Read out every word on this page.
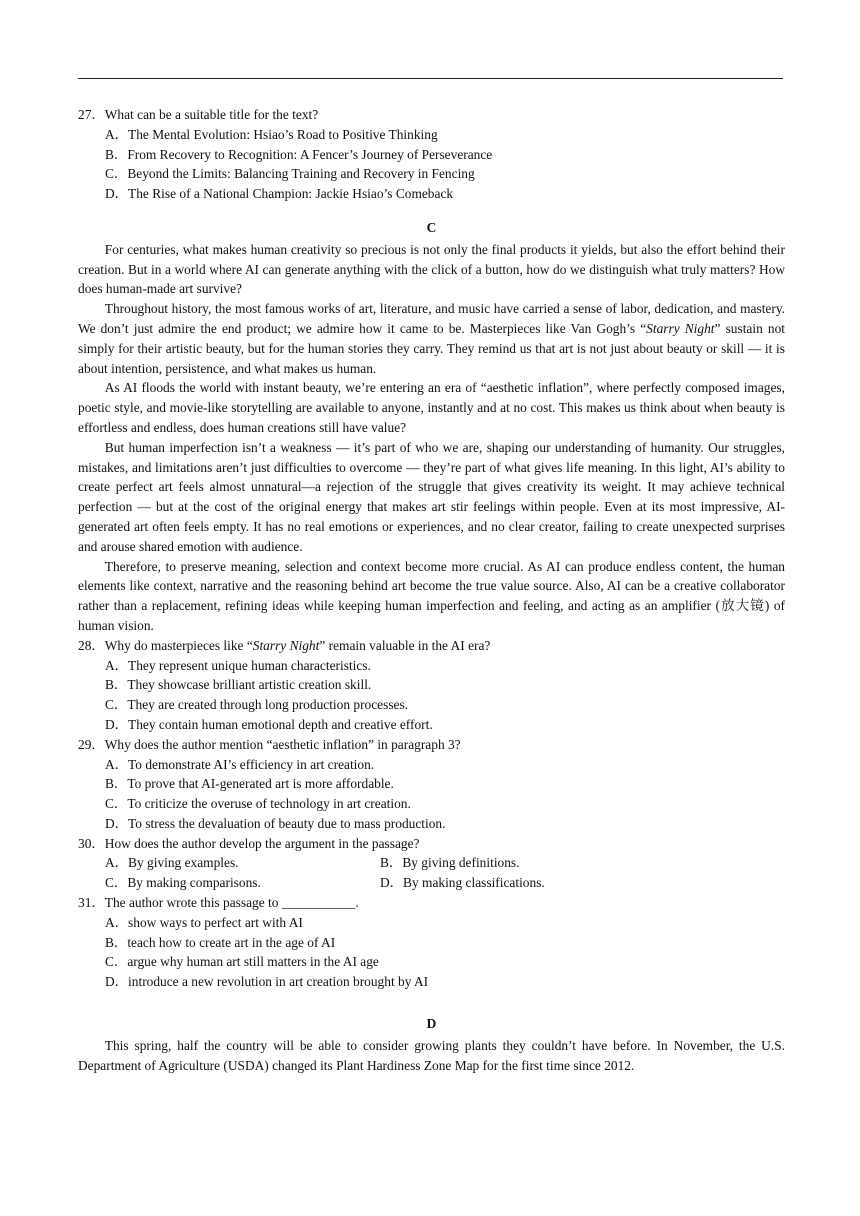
27．What can be a suitable title for the text?
A．The Mental Evolution: Hsiao’s Road to Positive Thinking
B．From Recovery to Recognition: A Fencer’s Journey of Perseverance
C．Beyond the Limits: Balancing Training and Recovery in Fencing
D．The Rise of a National Champion: Jackie Hsiao’s Comeback
C

For centuries, what makes human creativity so precious is not only the final products it yields, but also the effort behind their creation. But in a world where AI can generate anything with the click of a button, how do we distinguish what truly matters? How does human-made art survive?

Throughout history, the most famous works of art, literature, and music have carried a sense of labor, dedication, and mastery. We don’t just admire the end product; we admire how it came to be. Masterpieces like Van Gogh’s “Starry Night” sustain not simply for their artistic beauty, but for the human stories they carry. They remind us that art is not just about beauty or skill — it is about intention, persistence, and what makes us human.

As AI floods the world with instant beauty, we’re entering an era of “aesthetic inflation”, where perfectly composed images, poetic style, and movie-like storytelling are available to anyone, instantly and at no cost. This makes us think about when beauty is effortless and endless, does human creations still have value?

But human imperfection isn’t a weakness — it’s part of who we are, shaping our understanding of humanity. Our struggles, mistakes, and limitations aren’t just difficulties to overcome — they’re part of what gives life meaning. In this light, AI’s ability to create perfect art feels almost unnatural—a rejection of the struggle that gives creativity its weight. It may achieve technical perfection — but at the cost of the original energy that makes art stir feelings within people. Even at its most impressive, AI-generated art often feels empty. It has no real emotions or experiences, and no clear creator, failing to create unexpected surprises and arouse shared emotion with audience.

Therefore, to preserve meaning, selection and context become more crucial. As AI can produce endless content, the human elements like context, narrative and the reasoning behind art become the true value source. Also, AI can be a creative collaborator rather than a replacement, refining ideas while keeping human imperfection and feeling, and acting as an amplifier (放大镜) of human vision.

28．Why do masterpieces like “Starry Night” remain valuable in the AI era?
A．They represent unique human characteristics.
B．They showcase brilliant artistic creation skill.
C．They are created through long production processes.
D．They contain human emotional depth and creative effort.
29．Why does the author mention “aesthetic inflation” in paragraph 3?
A．To demonstrate AI’s efficiency in art creation.
B．To prove that AI-generated art is more affordable.
C．To criticize the overuse of technology in art creation.
D．To stress the devaluation of beauty due to mass production.
30．How does the author develop the argument in the passage?
A．By giving examples.	B．By giving definitions.
C．By making comparisons.	D．By making classifications.
31．The author wrote this passage to ___________.
A．show ways to perfect art with AI
B．teach how to create art in the age of AI
C．argue why human art still matters in the AI age
D．introduce a new revolution in art creation brought by AI
D

This spring, half the country will be able to consider growing plants they couldn’t have before. In November, the U.S. Department of Agriculture (USDA) changed its Plant Hardiness Zone Map for the first time since 2012.
